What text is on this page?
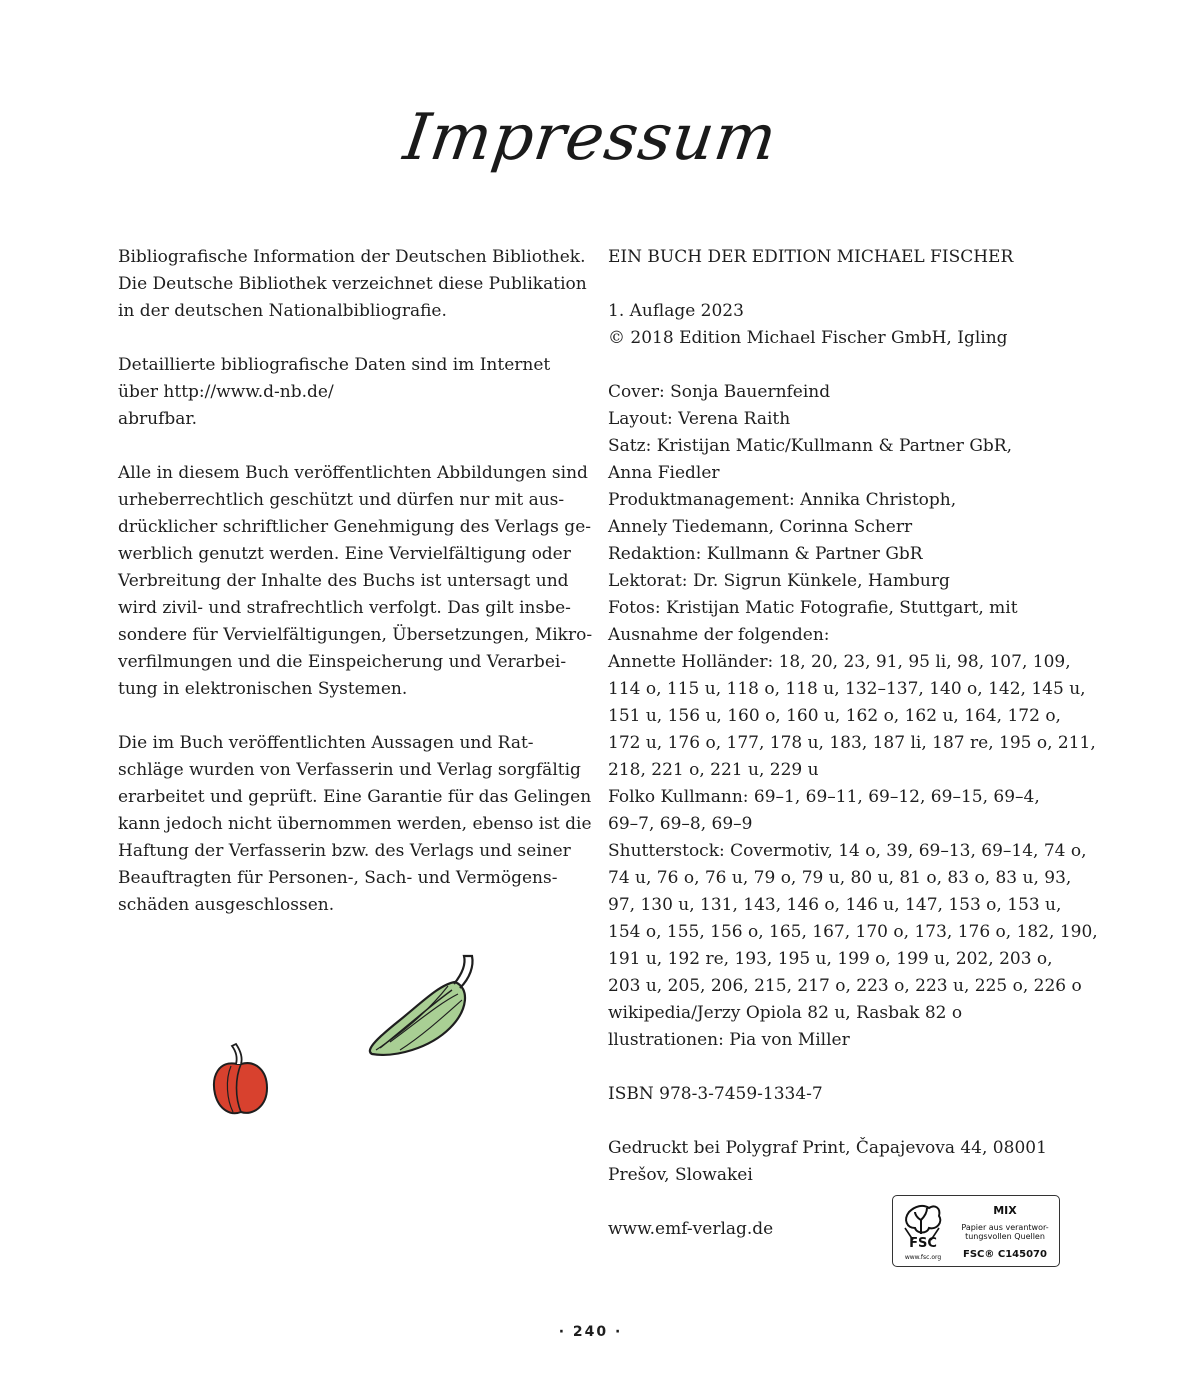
Impressum

Bibliografische Information der Deutschen Bibliothek.
Die Deutsche Bibliothek verzeichnet diese Publikation
in der deutschen Nationalbibliografie.

Detaillierte bibliografische Daten sind im Internet
über http://www.d-nb.de/
abrufbar.

Alle in diesem Buch veröffentlichten Abbildungen sind
urheberrechtlich geschützt und dürfen nur mit aus-
drücklicher schriftlicher Genehmigung des Verlags ge-
werblich genutzt werden. Eine Vervielfältigung oder
Verbreitung der Inhalte des Buchs ist untersagt und
wird zivil- und strafrechtlich verfolgt. Das gilt insbe-
sondere für Vervielfältigungen, Übersetzungen, Mikro-
verfilmungen und die Einspeicherung und Verarbei-
tung in elektronischen Systemen.

Die im Buch veröffentlichten Aussagen und Rat-
schläge wurden von Verfasserin und Verlag sorgfältig
erarbeitet und geprüft. Eine Garantie für das Gelingen
kann jedoch nicht übernommen werden, ebenso ist die
Haftung der Verfasserin bzw. des Verlags und seiner
Beauftragten für Personen-, Sach- und Vermögens-
schäden ausgeschlossen.

EIN BUCH DER EDITION MICHAEL FISCHER

1. Auflage 2023
© 2018 Edition Michael Fischer GmbH, Igling

Cover: Sonja Bauernfeind
Layout: Verena Raith
Satz: Kristijan Matic/Kullmann & Partner GbR,
Anna Fiedler
Produktmanagement: Annika Christoph,
Annely Tiedemann, Corinna Scherr
Redaktion: Kullmann & Partner GbR
Lektorat: Dr. Sigrun Künkele, Hamburg
Fotos: Kristijan Matic Fotografie, Stuttgart, mit
Ausnahme der folgenden:
Annette Holländer: 18, 20, 23, 91, 95 li, 98, 107, 109,
114 o, 115 u, 118 o, 118 u, 132–137, 140 o, 142, 145 u,
151 u, 156 u, 160 o, 160 u, 162 o, 162 u, 164, 172 o,
172 u, 176 o, 177, 178 u, 183, 187 li, 187 re, 195 o, 211,
218, 221 o, 221 u, 229 u
Folko Kullmann: 69–1, 69–11, 69–12, 69–15, 69–4,
69–7, 69–8, 69–9
Shutterstock: Covermotiv, 14 o, 39, 69–13, 69–14, 74 o,
74 u, 76 o, 76 u, 79 o, 79 u, 80 u, 81 o, 83 o, 83 u, 93,
97, 130 u, 131, 143, 146 o, 146 u, 147, 153 o, 153 u,
154 o, 155, 156 o, 165, 167, 170 o, 173, 176 o, 182, 190,
191 u, 192 re, 193, 195 u, 199 o, 199 u, 202, 203 o,
203 u, 205, 206, 215, 217 o, 223 o, 223 u, 225 o, 226 o
wikipedia/Jerzy Opiola 82 u, Rasbak 82 o
llustrationen: Pia von Miller

ISBN 978-3-7459-1334-7

Gedruckt bei Polygraf Print, Čapajevova 44, 08001
Prešov, Slowakei

www.emf-verlag.de

FSC
www.fsc.org
MIX
Papier aus verantwor-
tungsvollen Quellen
FSC® C145070
· 240 ·
